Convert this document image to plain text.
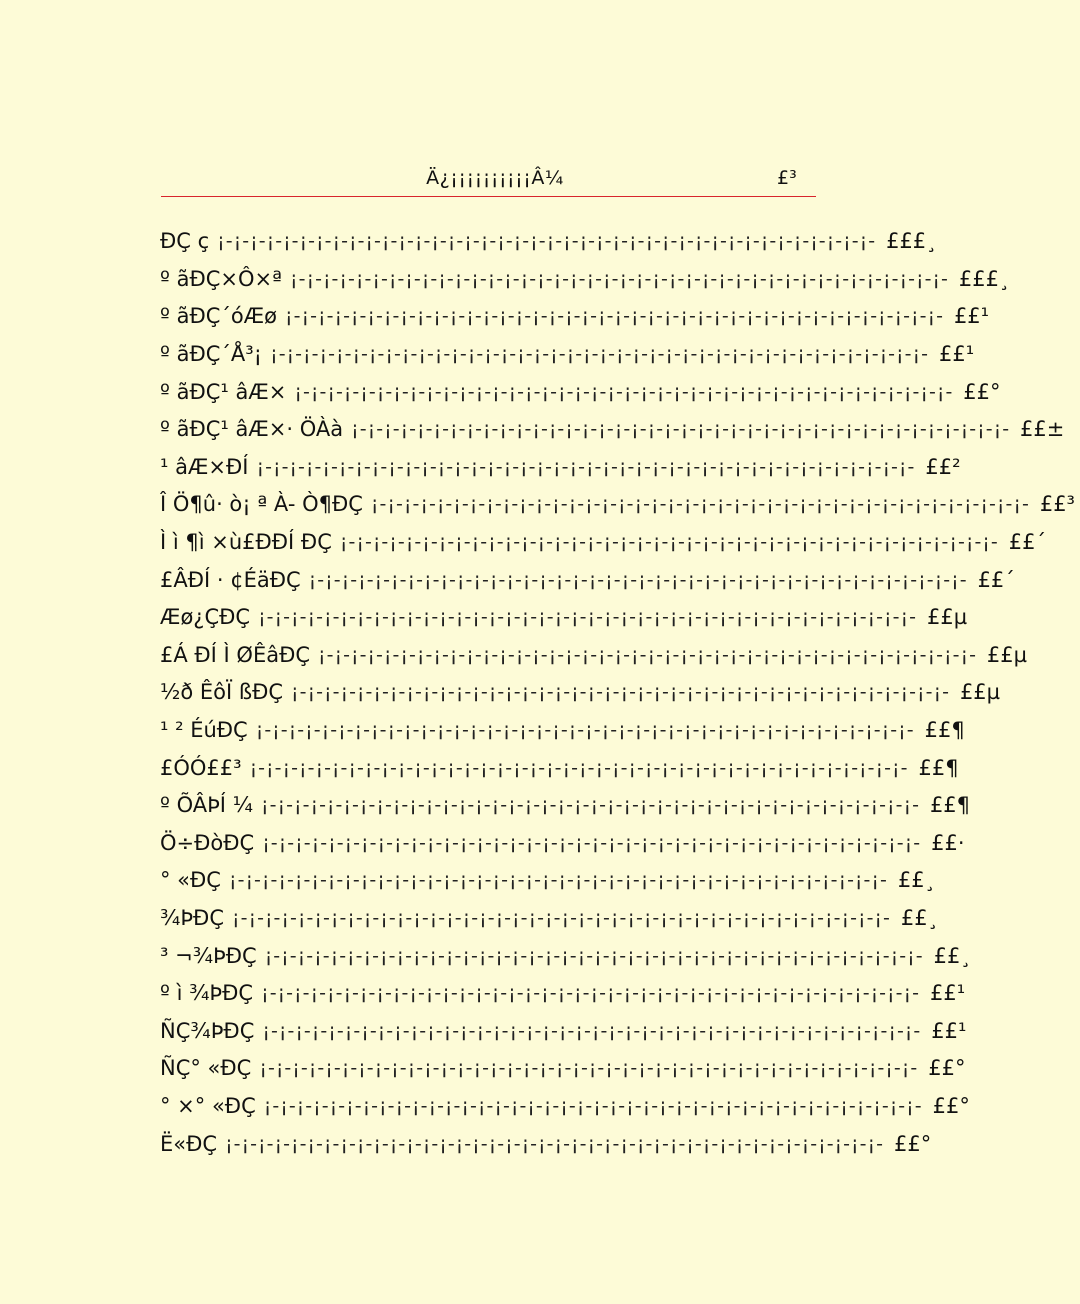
Ä¿¡¡¡¡¡¡¡¡¡¡Â¼	£³
ÐÇ ç ¡-¡-¡-¡-¡-¡-¡-¡-¡-¡-¡-¡-¡-¡-¡-¡-¡-¡-¡-¡-¡-¡-¡-¡-¡-¡-¡-¡-¡-¡-¡-¡-¡-¡-¡-¡-¡-¡-¡-¡- £££¸
º ãÐÇ×Ô×ª ¡-¡-¡-¡-¡-¡-¡-¡-¡-¡-¡-¡-¡-¡-¡-¡-¡-¡-¡-¡-¡-¡-¡-¡-¡-¡-¡-¡-¡-¡-¡-¡-¡-¡-¡-¡-¡-¡-¡-¡- £££¸
º ãÐÇ´óÆø ¡-¡-¡-¡-¡-¡-¡-¡-¡-¡-¡-¡-¡-¡-¡-¡-¡-¡-¡-¡-¡-¡-¡-¡-¡-¡-¡-¡-¡-¡-¡-¡-¡-¡-¡-¡-¡-¡-¡-¡- ££¹
º ãÐÇ´Å³¡ ¡-¡-¡-¡-¡-¡-¡-¡-¡-¡-¡-¡-¡-¡-¡-¡-¡-¡-¡-¡-¡-¡-¡-¡-¡-¡-¡-¡-¡-¡-¡-¡-¡-¡-¡-¡-¡-¡-¡-¡- ££¹
º ãÐÇ¹ âÆ× ¡-¡-¡-¡-¡-¡-¡-¡-¡-¡-¡-¡-¡-¡-¡-¡-¡-¡-¡-¡-¡-¡-¡-¡-¡-¡-¡-¡-¡-¡-¡-¡-¡-¡-¡-¡-¡-¡-¡-¡- ££°
º ãÐÇ¹ âÆ×· ÖÀà ¡-¡-¡-¡-¡-¡-¡-¡-¡-¡-¡-¡-¡-¡-¡-¡-¡-¡-¡-¡-¡-¡-¡-¡-¡-¡-¡-¡-¡-¡-¡-¡-¡-¡-¡-¡-¡-¡-¡-¡- ££±
¹ âÆ×ÐÍ ¡-¡-¡-¡-¡-¡-¡-¡-¡-¡-¡-¡-¡-¡-¡-¡-¡-¡-¡-¡-¡-¡-¡-¡-¡-¡-¡-¡-¡-¡-¡-¡-¡-¡-¡-¡-¡-¡-¡-¡- ££²
Î Ö¶û· ò¡ ª À- Ò¶ÐÇ ¡-¡-¡-¡-¡-¡-¡-¡-¡-¡-¡-¡-¡-¡-¡-¡-¡-¡-¡-¡-¡-¡-¡-¡-¡-¡-¡-¡-¡-¡-¡-¡-¡-¡-¡-¡-¡-¡-¡-¡- ££³
Ì ì ¶ì ×ù£ÐÐÍ ÐÇ ¡-¡-¡-¡-¡-¡-¡-¡-¡-¡-¡-¡-¡-¡-¡-¡-¡-¡-¡-¡-¡-¡-¡-¡-¡-¡-¡-¡-¡-¡-¡-¡-¡-¡-¡-¡-¡-¡-¡-¡- ££´
£ÂÐÍ · ¢ÉäÐÇ ¡-¡-¡-¡-¡-¡-¡-¡-¡-¡-¡-¡-¡-¡-¡-¡-¡-¡-¡-¡-¡-¡-¡-¡-¡-¡-¡-¡-¡-¡-¡-¡-¡-¡-¡-¡-¡-¡-¡-¡- ££´
Æø¿ÇÐÇ ¡-¡-¡-¡-¡-¡-¡-¡-¡-¡-¡-¡-¡-¡-¡-¡-¡-¡-¡-¡-¡-¡-¡-¡-¡-¡-¡-¡-¡-¡-¡-¡-¡-¡-¡-¡-¡-¡-¡-¡- ££µ
£Á ÐÍ Ì ØÊâÐÇ ¡-¡-¡-¡-¡-¡-¡-¡-¡-¡-¡-¡-¡-¡-¡-¡-¡-¡-¡-¡-¡-¡-¡-¡-¡-¡-¡-¡-¡-¡-¡-¡-¡-¡-¡-¡-¡-¡-¡-¡- ££µ
½ð ÊôÏ ßÐÇ ¡-¡-¡-¡-¡-¡-¡-¡-¡-¡-¡-¡-¡-¡-¡-¡-¡-¡-¡-¡-¡-¡-¡-¡-¡-¡-¡-¡-¡-¡-¡-¡-¡-¡-¡-¡-¡-¡-¡-¡- ££µ
¹ ² ÉúÐÇ ¡-¡-¡-¡-¡-¡-¡-¡-¡-¡-¡-¡-¡-¡-¡-¡-¡-¡-¡-¡-¡-¡-¡-¡-¡-¡-¡-¡-¡-¡-¡-¡-¡-¡-¡-¡-¡-¡-¡-¡- ££¶
£ÓÓ££³ ¡-¡-¡-¡-¡-¡-¡-¡-¡-¡-¡-¡-¡-¡-¡-¡-¡-¡-¡-¡-¡-¡-¡-¡-¡-¡-¡-¡-¡-¡-¡-¡-¡-¡-¡-¡-¡-¡-¡-¡- ££¶
º ÕÂÞÍ ¼ ¡-¡-¡-¡-¡-¡-¡-¡-¡-¡-¡-¡-¡-¡-¡-¡-¡-¡-¡-¡-¡-¡-¡-¡-¡-¡-¡-¡-¡-¡-¡-¡-¡-¡-¡-¡-¡-¡-¡-¡- ££¶
Ö÷ÐòÐÇ ¡-¡-¡-¡-¡-¡-¡-¡-¡-¡-¡-¡-¡-¡-¡-¡-¡-¡-¡-¡-¡-¡-¡-¡-¡-¡-¡-¡-¡-¡-¡-¡-¡-¡-¡-¡-¡-¡-¡-¡- ££·
° «ÐÇ ¡-¡-¡-¡-¡-¡-¡-¡-¡-¡-¡-¡-¡-¡-¡-¡-¡-¡-¡-¡-¡-¡-¡-¡-¡-¡-¡-¡-¡-¡-¡-¡-¡-¡-¡-¡-¡-¡-¡-¡- ££¸
¾ÞÐÇ ¡-¡-¡-¡-¡-¡-¡-¡-¡-¡-¡-¡-¡-¡-¡-¡-¡-¡-¡-¡-¡-¡-¡-¡-¡-¡-¡-¡-¡-¡-¡-¡-¡-¡-¡-¡-¡-¡-¡-¡- ££¸
³ ¬¾ÞÐÇ ¡-¡-¡-¡-¡-¡-¡-¡-¡-¡-¡-¡-¡-¡-¡-¡-¡-¡-¡-¡-¡-¡-¡-¡-¡-¡-¡-¡-¡-¡-¡-¡-¡-¡-¡-¡-¡-¡-¡-¡- ££¸
º ì ¾ÞÐÇ ¡-¡-¡-¡-¡-¡-¡-¡-¡-¡-¡-¡-¡-¡-¡-¡-¡-¡-¡-¡-¡-¡-¡-¡-¡-¡-¡-¡-¡-¡-¡-¡-¡-¡-¡-¡-¡-¡-¡-¡- ££¹
ÑÇ¾ÞÐÇ ¡-¡-¡-¡-¡-¡-¡-¡-¡-¡-¡-¡-¡-¡-¡-¡-¡-¡-¡-¡-¡-¡-¡-¡-¡-¡-¡-¡-¡-¡-¡-¡-¡-¡-¡-¡-¡-¡-¡-¡- ££¹
ÑÇ° «ÐÇ ¡-¡-¡-¡-¡-¡-¡-¡-¡-¡-¡-¡-¡-¡-¡-¡-¡-¡-¡-¡-¡-¡-¡-¡-¡-¡-¡-¡-¡-¡-¡-¡-¡-¡-¡-¡-¡-¡-¡-¡- ££°
° ×° «ÐÇ ¡-¡-¡-¡-¡-¡-¡-¡-¡-¡-¡-¡-¡-¡-¡-¡-¡-¡-¡-¡-¡-¡-¡-¡-¡-¡-¡-¡-¡-¡-¡-¡-¡-¡-¡-¡-¡-¡-¡-¡- ££°
Ë«ÐÇ ¡-¡-¡-¡-¡-¡-¡-¡-¡-¡-¡-¡-¡-¡-¡-¡-¡-¡-¡-¡-¡-¡-¡-¡-¡-¡-¡-¡-¡-¡-¡-¡-¡-¡-¡-¡-¡-¡-¡-¡- ££°
